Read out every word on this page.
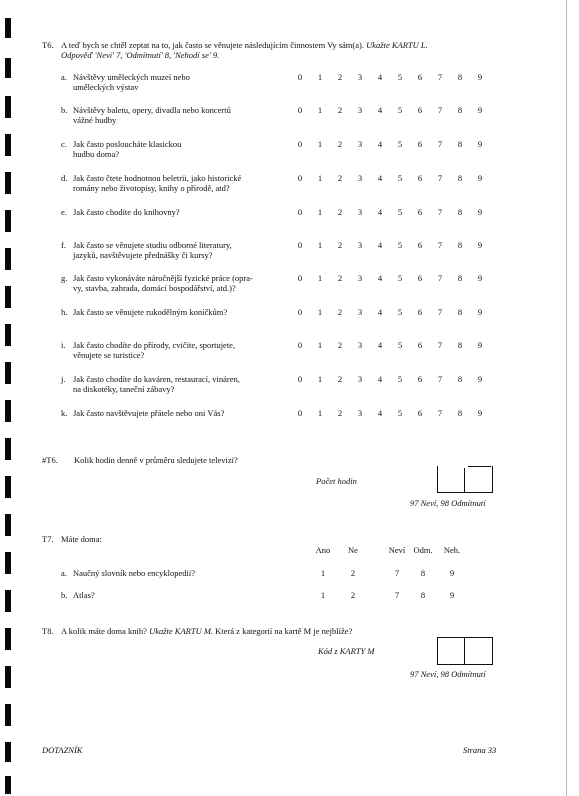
T6. A teď bych se chtěl zeptat na to, jak často se věnujete následujícím činnostem Vy sám(a). Ukažte KARTU L.
Odpověď 'Neví' 7, 'Odmítnutí' 8, 'Nehodí se' 9.
a. Návštěvy uměleckých muzeí nebo
uměleckých výstav
0	1	2	3	4	5	6	7	8	9
b. Návštěvy baletu, opery, divadla nebo koncertů
vážné hudby
0	1	2	3	4	5	6	7	8	9
c. Jak často posloucháte klasickou
hudbu doma?
0	1	2	3	4	5	6	7	8	9
d. Jak často čtete hodnotnou beletrii, jako historické
romány nebo životopisy, knihy o přírodě, atd?
0	1	2	3	4	5	6	7	8	9
e. Jak často chodíte do knihovny?	0	1	2	3	4	5	6	7	8	9
f. Jak často se věnujete studiu odborné literatury,
jazyků, navštěvujete přednášky či kursy?
0	1	2	3	4	5	6	7	8	9
g. Jak často vykonáváte náročnější fyzické práce (opra-
vy, stavba, zahrada, domácí bospodářství, atd.)?
0	1	2	3	4	5	6	7	8	9
h. Jak často se věnujete rukodělným koníčkům?	0	1	2	3	4	5	6	7	8	9
i. Jak často chodíte do přírody, cvičíte, sportujete,
věnujete se turistice?
0	1	2	3	4	5	6	7	8	9
j. Jak často chodíte do kaváren, restaurací, vináren,
na diskotéky, taneční zábavy?
0	1	2	3	4	5	6	7	8	9
k. Jak často navštěvujete přátele nebo oni Vás?	0	1	2	3	4	5	6	7	8	9
#T6. Kolik hodin denně v průměru sledujete televizi?
Počet hodin
97 Neví, 98 Odmítnutí
T7. Máte doma:
Ano	Ne	Neví Odm.	Neh.
a. Naučný slovník nebo encyklopedii?	1	2	7	8	9
b. Atlas?	1	2	7	8	9
T8. A kolik máte doma knih? Ukažte KARTU M. Která z kategorií na kartě M je nejblíže?
Kód z KARTY M
97 Neví, 98 Odmítnutí
DOTAZNÍK	Strana 33
